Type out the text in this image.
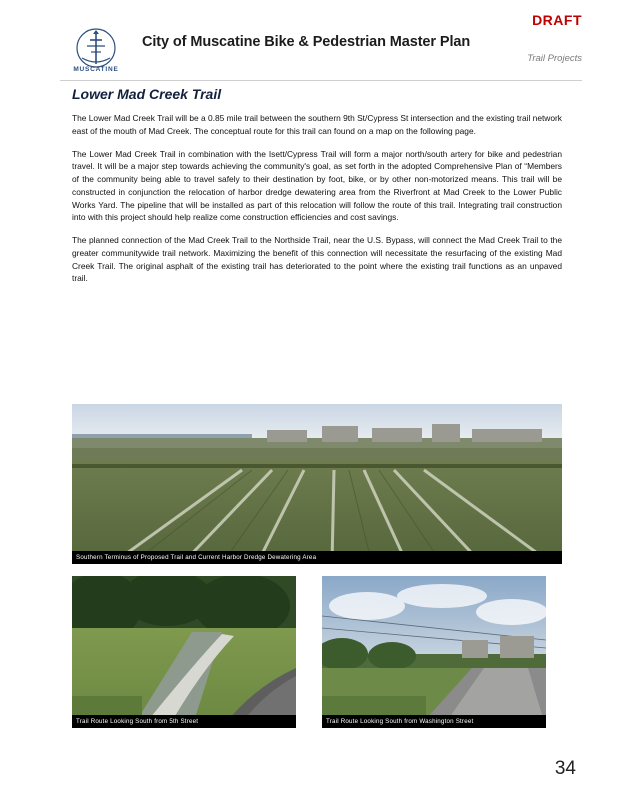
DRAFT
MUSCATINE
City of Muscatine Bike & Pedestrian Master Plan
Trail Projects
Lower Mad Creek Trail

The Lower Mad Creek Trail will be a 0.85 mile trail between the southern 9th St/Cypress St intersection and the existing trail network east of the mouth of Mad Creek. The conceptual route for this trail can found on a map on the following page.

The Lower Mad Creek Trail in combination with the Isett/Cypress Trail will form a major north/south artery for bike and pedestrian travel. It will be a major step towards achieving the community's goal, as set forth in the adopted Comprehensive Plan of “Members of the community being able to travel safely to their destination by foot, bike, or by other non-motorized means. This trail will be constructed in conjunction the relocation of harbor dredge dewatering area from the Riverfront at Mad Creek to the Lower Public Works Yard. The pipeline that will be installed as part of this relocation will follow the route of this trail. Integrating trail construction into with this project should help realize come construction efficiencies and cost savings.

The planned connection of the Mad Creek Trail to the Northside Trail, near the U.S. Bypass, will connect the Mad Creek Trail to the greater communitywide trail network. Maximizing the benefit of this connection will necessitate the resurfacing of the existing Mad Creek Trail. The original asphalt of the existing trail has deteriorated to the point where the existing trail functions as an unpaved trail.

Southern Terminus of Proposed Trail and Current Harbor Dredge Dewatering Area
Trail Route Looking South from 5th Street	Trail Route Looking South from Washington Street
34
